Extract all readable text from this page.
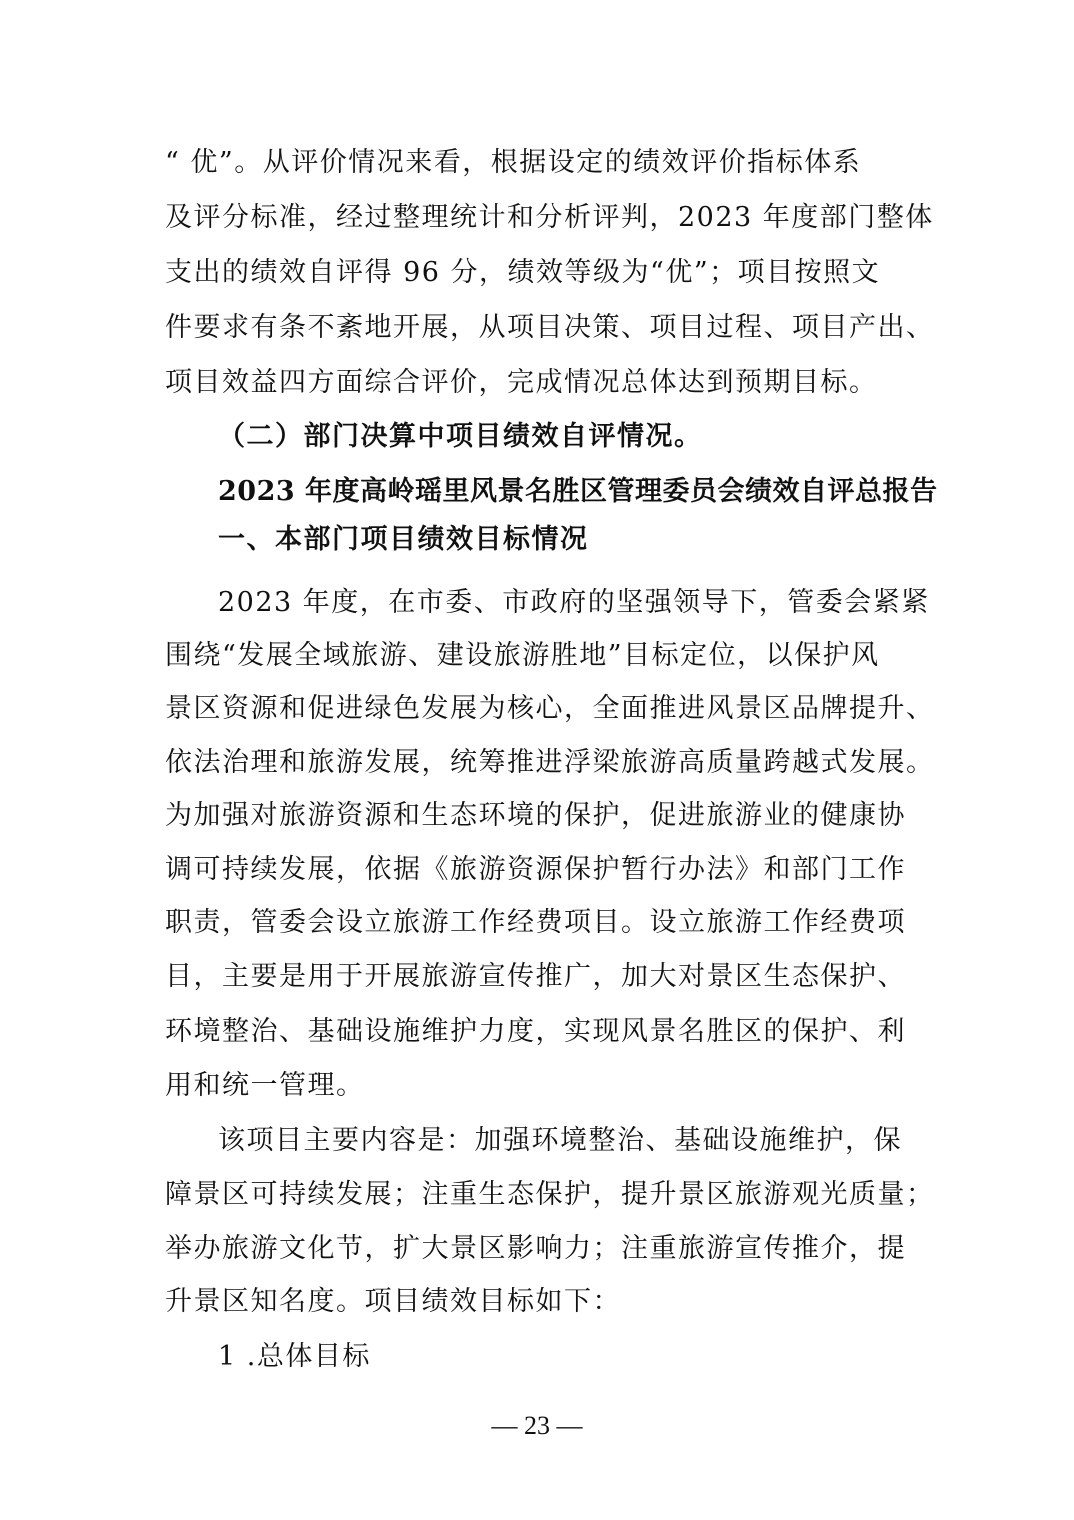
“ 优”。从评价情况来看，根据设定的绩效评价指标体系
及评分标准，经过整理统计和分析评判，2023 年度部门整体
支出的绩效自评得 96 分，绩效等级为“优”；项目按照文
件要求有条不紊地开展，从项目决策、项目过程、项目产出、
项目效益四方面综合评价，完成情况总体达到预期目标。
（二）部门决算中项目绩效自评情况。
2023 年度高岭瑶里风景名胜区管理委员会绩效自评总报告
一、本部门项目绩效目标情况
2023 年度，在市委、市政府的坚强领导下，管委会紧紧
围绕“发展全域旅游、建设旅游胜地”目标定位，以保护风
景区资源和促进绿色发展为核心，全面推进风景区品牌提升、
依法治理和旅游发展，统筹推进浮梁旅游高质量跨越式发展。
为加强对旅游资源和生态环境的保护，促进旅游业的健康协
调可持续发展，依据《旅游资源保护暂行办法》和部门工作
职责，管委会设立旅游工作经费项目。设立旅游工作经费项
目，主要是用于开展旅游宣传推广，加大对景区生态保护、
环境整治、基础设施维护力度，实现风景名胜区的保护、利
用和统一管理。
该项目主要内容是：加强环境整治、基础设施维护，保
障景区可持续发展；注重生态保护，提升景区旅游观光质量；
举办旅游文化节，扩大景区影响力；注重旅游宣传推介，提
升景区知名度。项目绩效目标如下：
1 .总体目标
— 23 —
